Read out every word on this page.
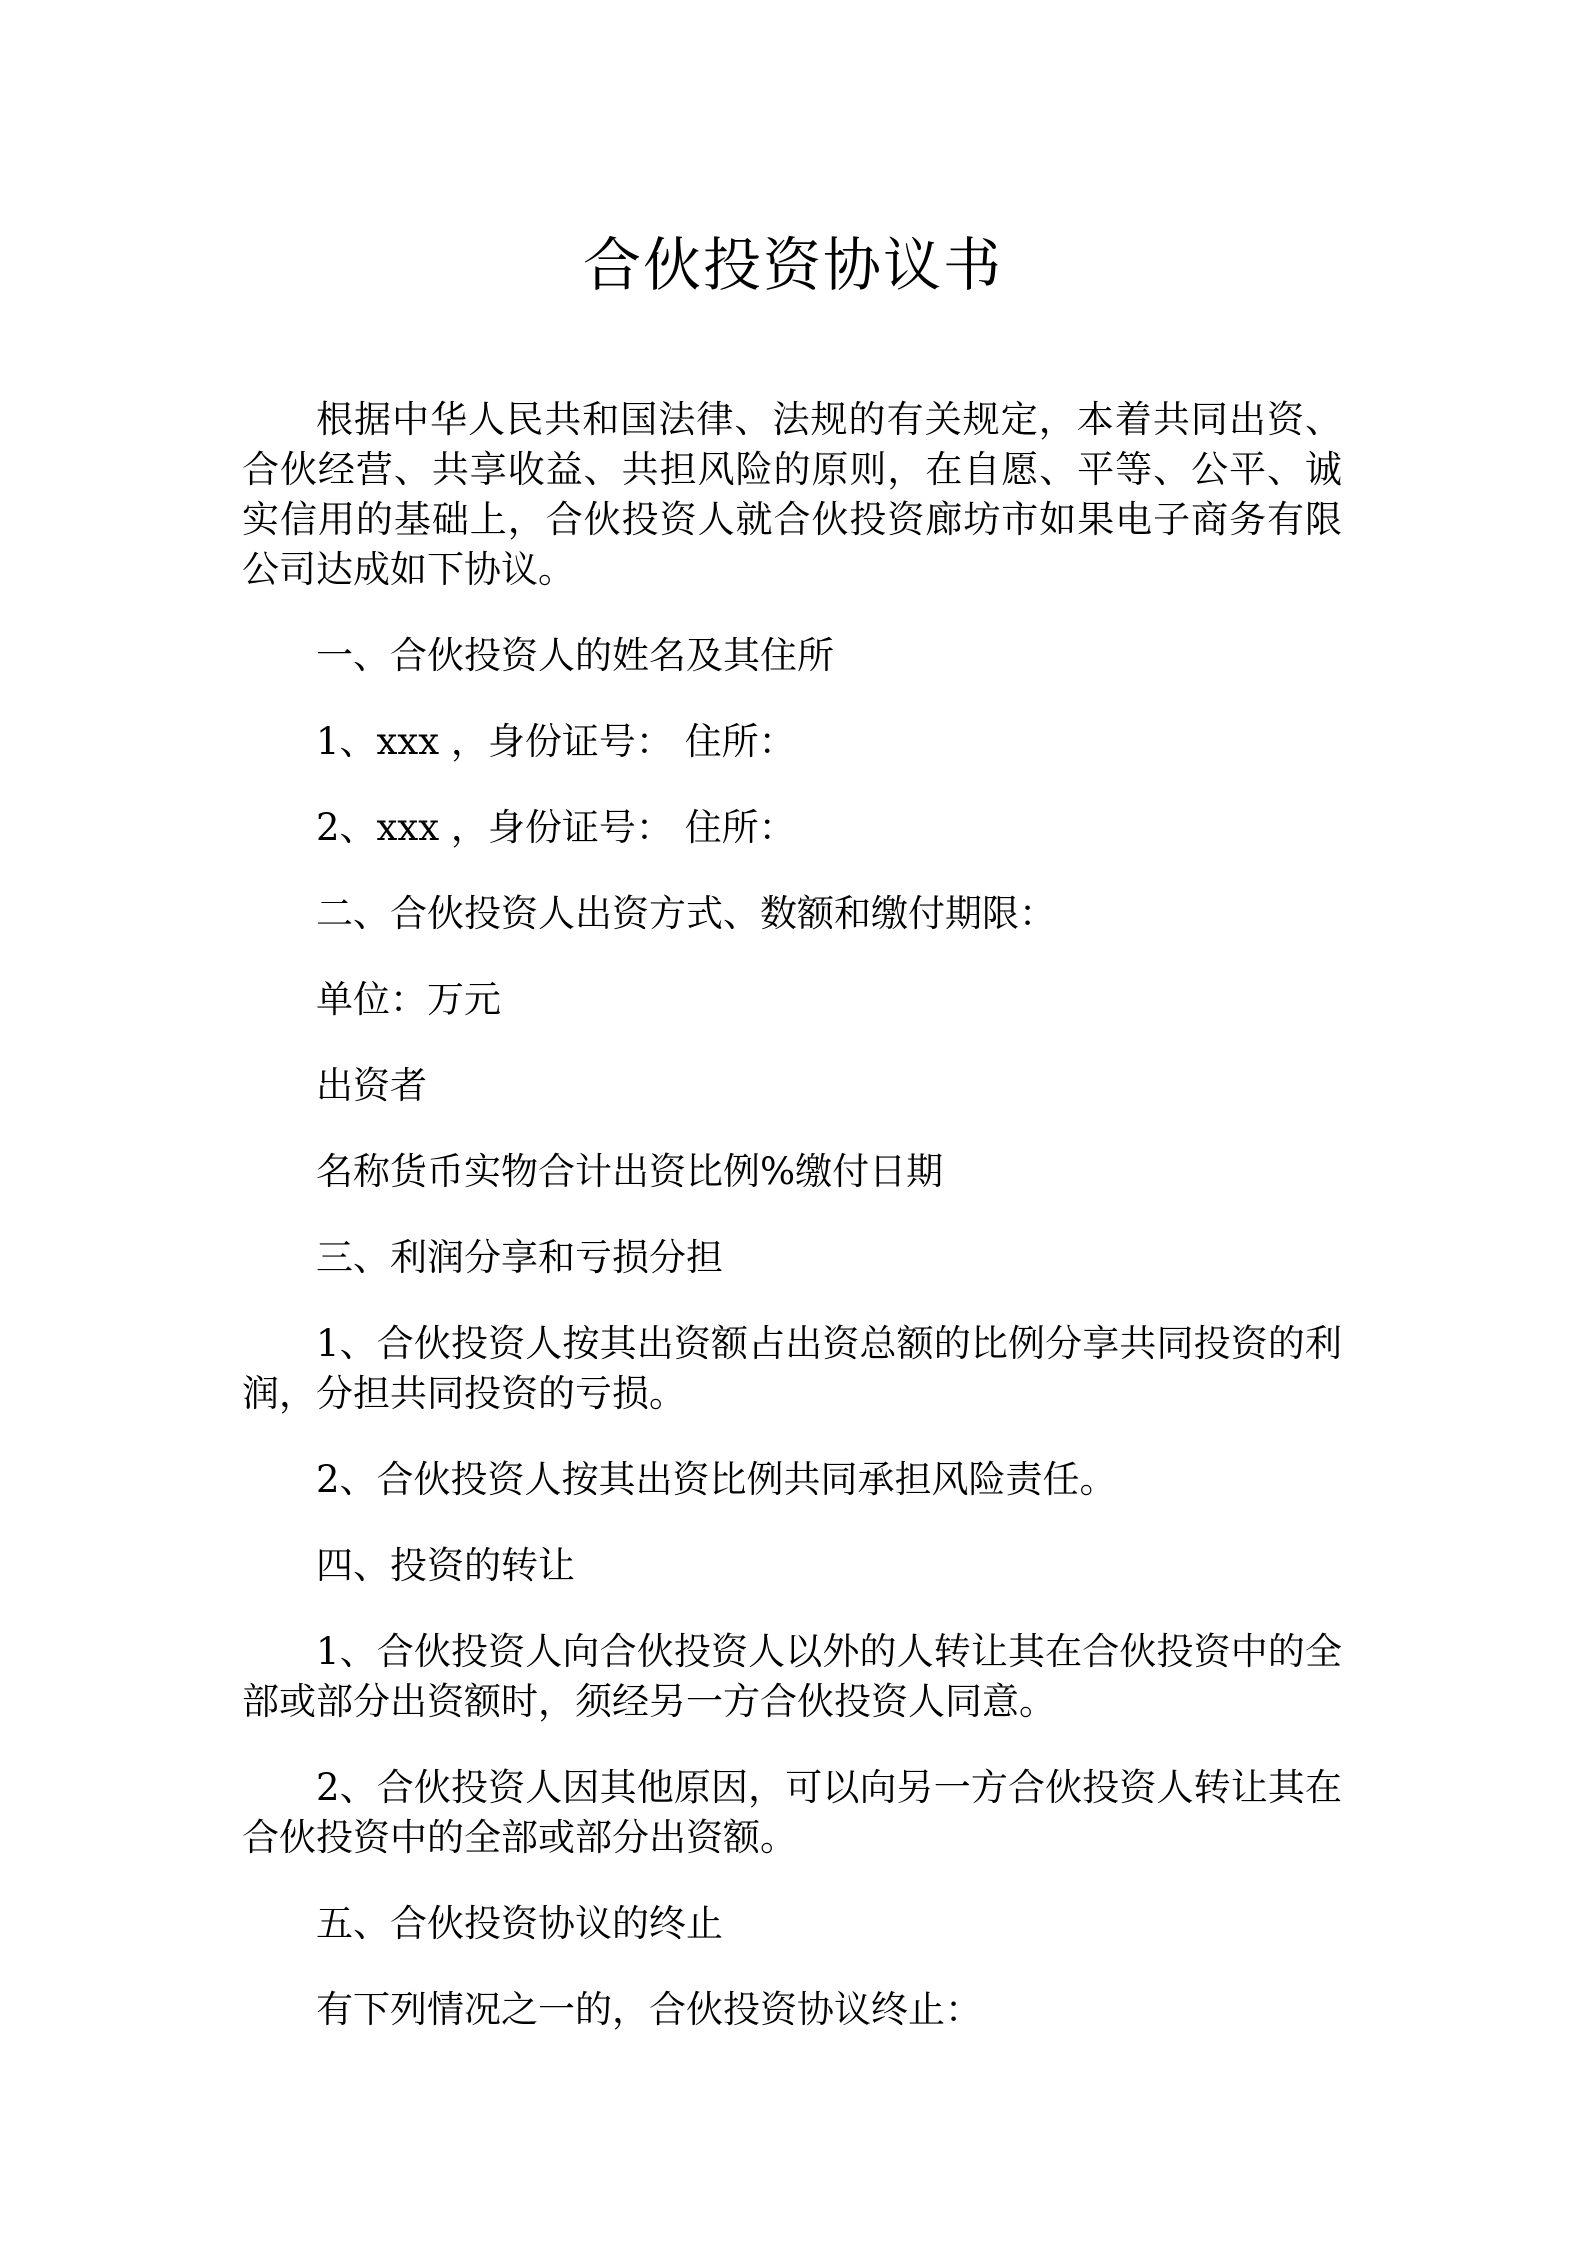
合伙投资协议书

根据中华人民共和国法律、法规的有关规定，本着共同出资、合伙经营、共享收益、共担风险的原则，在自愿、平等、公平、诚实信用的基础上，合伙投资人就合伙投资廊坊市如果电子商务有限公司达成如下协议。

一、合伙投资人的姓名及其住所

1、xxx ，身份证号： 住所：

2、xxx ，身份证号： 住所：

二、合伙投资人出资方式、数额和缴付期限：

单位：万元

出资者

名称货币实物合计出资比例%缴付日期

三、利润分享和亏损分担

1、合伙投资人按其出资额占出资总额的比例分享共同投资的利润，分担共同投资的亏损。

2、合伙投资人按其出资比例共同承担风险责任。

四、投资的转让

1、合伙投资人向合伙投资人以外的人转让其在合伙投资中的全部或部分出资额时，须经另一方合伙投资人同意。

2、合伙投资人因其他原因，可以向另一方合伙投资人转让其在合伙投资中的全部或部分出资额。

五、合伙投资协议的终止

有下列情况之一的，合伙投资协议终止：
